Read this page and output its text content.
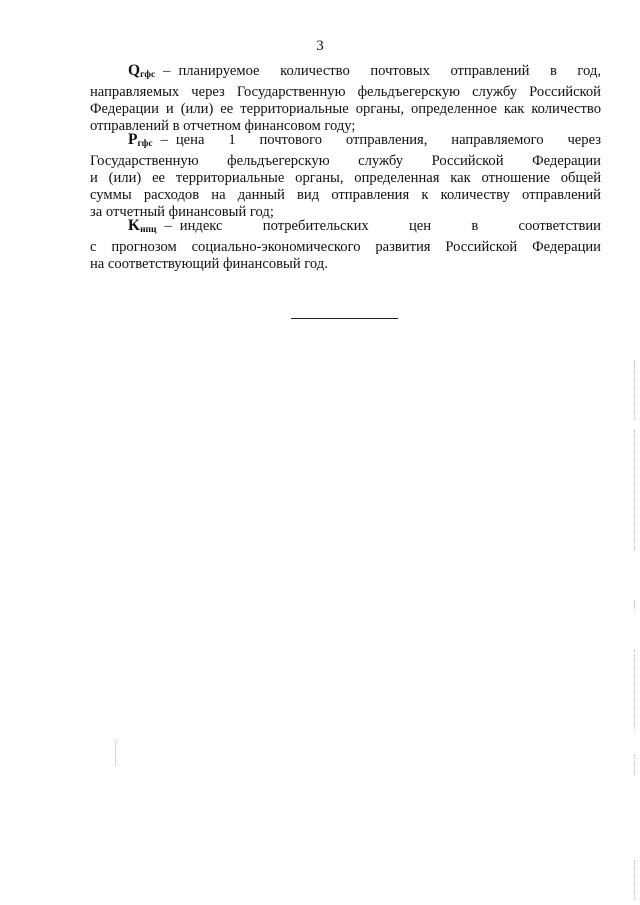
3
$Q_{гфс}$ – планируемое количество почтовых отправлений в год,
направляемых через Государственную фельдъегерскую службу Российской
Федерации и (или) ее территориальные органы, определенное как количество
отправлений в отчетном финансовом году;
$P_{гфс}$ – цена 1 почтового отправления, направляемого через
Государственную фельдъегерскую службу Российской Федерации
и (или) ее территориальные органы, определенная как отношение общей
суммы расходов на данный вид отправления к количеству отправлений
за отчетный финансовый год;
$K_{ипц}$ – индекс потребительских цен в соответствии
с прогнозом социально-экономического развития Российской Федерации
на соответствующий финансовый год.
